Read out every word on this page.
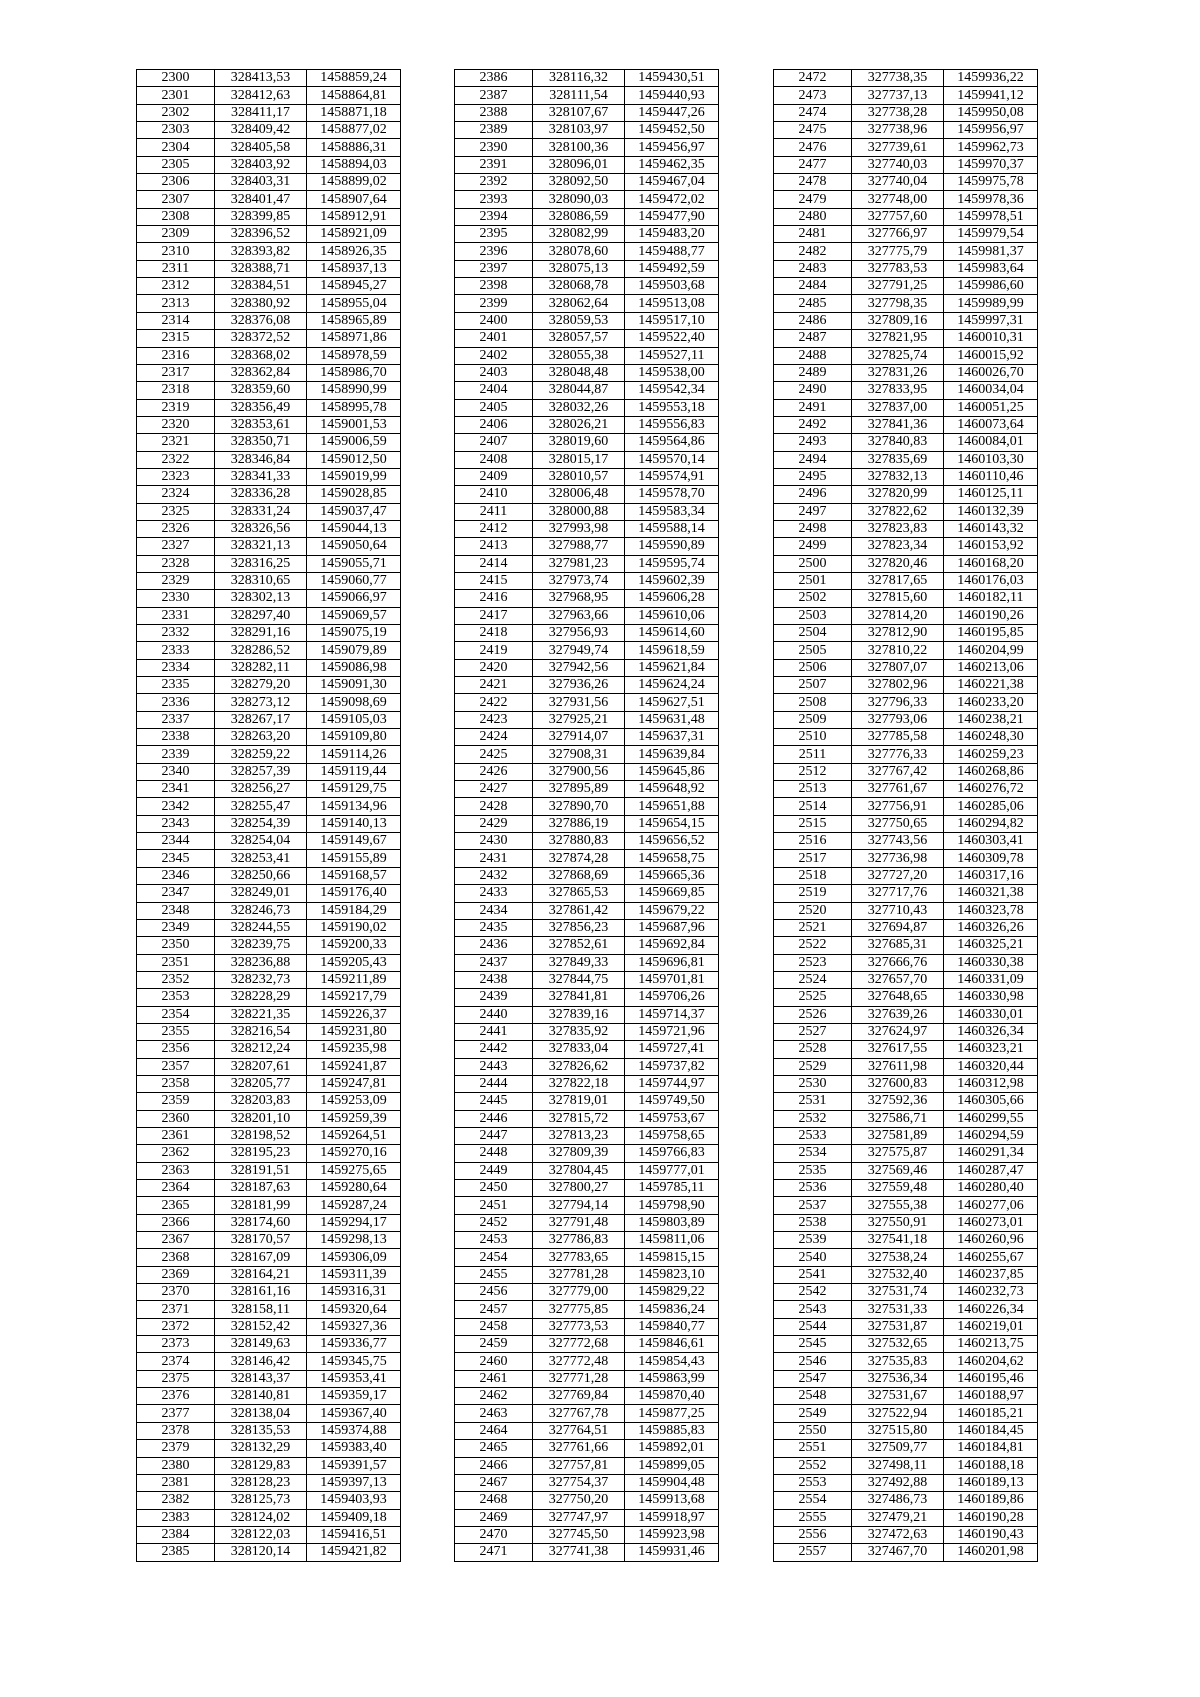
2300	328413,53	1458859,24
2301	328412,63	1458864,81
2302	328411,17	1458871,18
2303	328409,42	1458877,02
2304	328405,58	1458886,31
2305	328403,92	1458894,03
2306	328403,31	1458899,02
2307	328401,47	1458907,64
2308	328399,85	1458912,91
2309	328396,52	1458921,09
2310	328393,82	1458926,35
2311	328388,71	1458937,13
2312	328384,51	1458945,27
2313	328380,92	1458955,04
2314	328376,08	1458965,89
2315	328372,52	1458971,86
2316	328368,02	1458978,59
2317	328362,84	1458986,70
2318	328359,60	1458990,99
2319	328356,49	1458995,78
2320	328353,61	1459001,53
2321	328350,71	1459006,59
2322	328346,84	1459012,50
2323	328341,33	1459019,99
2324	328336,28	1459028,85
2325	328331,24	1459037,47
2326	328326,56	1459044,13
2327	328321,13	1459050,64
2328	328316,25	1459055,71
2329	328310,65	1459060,77
2330	328302,13	1459066,97
2331	328297,40	1459069,57
2332	328291,16	1459075,19
2333	328286,52	1459079,89
2334	328282,11	1459086,98
2335	328279,20	1459091,30
2336	328273,12	1459098,69
2337	328267,17	1459105,03
2338	328263,20	1459109,80
2339	328259,22	1459114,26
2340	328257,39	1459119,44
2341	328256,27	1459129,75
2342	328255,47	1459134,96
2343	328254,39	1459140,13
2344	328254,04	1459149,67
2345	328253,41	1459155,89
2346	328250,66	1459168,57
2347	328249,01	1459176,40
2348	328246,73	1459184,29
2349	328244,55	1459190,02
2350	328239,75	1459200,33
2351	328236,88	1459205,43
2352	328232,73	1459211,89
2353	328228,29	1459217,79
2354	328221,35	1459226,37
2355	328216,54	1459231,80
2356	328212,24	1459235,98
2357	328207,61	1459241,87
2358	328205,77	1459247,81
2359	328203,83	1459253,09
2360	328201,10	1459259,39
2361	328198,52	1459264,51
2362	328195,23	1459270,16
2363	328191,51	1459275,65
2364	328187,63	1459280,64
2365	328181,99	1459287,24
2366	328174,60	1459294,17
2367	328170,57	1459298,13
2368	328167,09	1459306,09
2369	328164,21	1459311,39
2370	328161,16	1459316,31
2371	328158,11	1459320,64
2372	328152,42	1459327,36
2373	328149,63	1459336,77
2374	328146,42	1459345,75
2375	328143,37	1459353,41
2376	328140,81	1459359,17
2377	328138,04	1459367,40
2378	328135,53	1459374,88
2379	328132,29	1459383,40
2380	328129,83	1459391,57
2381	328128,23	1459397,13
2382	328125,73	1459403,93
2383	328124,02	1459409,18
2384	328122,03	1459416,51
2385	328120,14	1459421,82
2386	328116,32	1459430,51
2387	328111,54	1459440,93
2388	328107,67	1459447,26
2389	328103,97	1459452,50
2390	328100,36	1459456,97
2391	328096,01	1459462,35
2392	328092,50	1459467,04
2393	328090,03	1459472,02
2394	328086,59	1459477,90
2395	328082,99	1459483,20
2396	328078,60	1459488,77
2397	328075,13	1459492,59
2398	328068,78	1459503,68
2399	328062,64	1459513,08
2400	328059,53	1459517,10
2401	328057,57	1459522,40
2402	328055,38	1459527,11
2403	328048,48	1459538,00
2404	328044,87	1459542,34
2405	328032,26	1459553,18
2406	328026,21	1459556,83
2407	328019,60	1459564,86
2408	328015,17	1459570,14
2409	328010,57	1459574,91
2410	328006,48	1459578,70
2411	328000,88	1459583,34
2412	327993,98	1459588,14
2413	327988,77	1459590,89
2414	327981,23	1459595,74
2415	327973,74	1459602,39
2416	327968,95	1459606,28
2417	327963,66	1459610,06
2418	327956,93	1459614,60
2419	327949,74	1459618,59
2420	327942,56	1459621,84
2421	327936,26	1459624,24
2422	327931,56	1459627,51
2423	327925,21	1459631,48
2424	327914,07	1459637,31
2425	327908,31	1459639,84
2426	327900,56	1459645,86
2427	327895,89	1459648,92
2428	327890,70	1459651,88
2429	327886,19	1459654,15
2430	327880,83	1459656,52
2431	327874,28	1459658,75
2432	327868,69	1459665,36
2433	327865,53	1459669,85
2434	327861,42	1459679,22
2435	327856,23	1459687,96
2436	327852,61	1459692,84
2437	327849,33	1459696,81
2438	327844,75	1459701,81
2439	327841,81	1459706,26
2440	327839,16	1459714,37
2441	327835,92	1459721,96
2442	327833,04	1459727,41
2443	327826,62	1459737,82
2444	327822,18	1459744,97
2445	327819,01	1459749,50
2446	327815,72	1459753,67
2447	327813,23	1459758,65
2448	327809,39	1459766,83
2449	327804,45	1459777,01
2450	327800,27	1459785,11
2451	327794,14	1459798,90
2452	327791,48	1459803,89
2453	327786,83	1459811,06
2454	327783,65	1459815,15
2455	327781,28	1459823,10
2456	327779,00	1459829,22
2457	327775,85	1459836,24
2458	327773,53	1459840,77
2459	327772,68	1459846,61
2460	327772,48	1459854,43
2461	327771,28	1459863,99
2462	327769,84	1459870,40
2463	327767,78	1459877,25
2464	327764,51	1459885,83
2465	327761,66	1459892,01
2466	327757,81	1459899,05
2467	327754,37	1459904,48
2468	327750,20	1459913,68
2469	327747,97	1459918,97
2470	327745,50	1459923,98
2471	327741,38	1459931,46
2472	327738,35	1459936,22
2473	327737,13	1459941,12
2474	327738,28	1459950,08
2475	327738,96	1459956,97
2476	327739,61	1459962,73
2477	327740,03	1459970,37
2478	327740,04	1459975,78
2479	327748,00	1459978,36
2480	327757,60	1459978,51
2481	327766,97	1459979,54
2482	327775,79	1459981,37
2483	327783,53	1459983,64
2484	327791,25	1459986,60
2485	327798,35	1459989,99
2486	327809,16	1459997,31
2487	327821,95	1460010,31
2488	327825,74	1460015,92
2489	327831,26	1460026,70
2490	327833,95	1460034,04
2491	327837,00	1460051,25
2492	327841,36	1460073,64
2493	327840,83	1460084,01
2494	327835,69	1460103,30
2495	327832,13	1460110,46
2496	327820,99	1460125,11
2497	327822,62	1460132,39
2498	327823,83	1460143,32
2499	327823,34	1460153,92
2500	327820,46	1460168,20
2501	327817,65	1460176,03
2502	327815,60	1460182,11
2503	327814,20	1460190,26
2504	327812,90	1460195,85
2505	327810,22	1460204,99
2506	327807,07	1460213,06
2507	327802,96	1460221,38
2508	327796,33	1460233,20
2509	327793,06	1460238,21
2510	327785,58	1460248,30
2511	327776,33	1460259,23
2512	327767,42	1460268,86
2513	327761,67	1460276,72
2514	327756,91	1460285,06
2515	327750,65	1460294,82
2516	327743,56	1460303,41
2517	327736,98	1460309,78
2518	327727,20	1460317,16
2519	327717,76	1460321,38
2520	327710,43	1460323,78
2521	327694,87	1460326,26
2522	327685,31	1460325,21
2523	327666,76	1460330,38
2524	327657,70	1460331,09
2525	327648,65	1460330,98
2526	327639,26	1460330,01
2527	327624,97	1460326,34
2528	327617,55	1460323,21
2529	327611,98	1460320,44
2530	327600,83	1460312,98
2531	327592,36	1460305,66
2532	327586,71	1460299,55
2533	327581,89	1460294,59
2534	327575,87	1460291,34
2535	327569,46	1460287,47
2536	327559,48	1460280,40
2537	327555,38	1460277,06
2538	327550,91	1460273,01
2539	327541,18	1460260,96
2540	327538,24	1460255,67
2541	327532,40	1460237,85
2542	327531,74	1460232,73
2543	327531,33	1460226,34
2544	327531,87	1460219,01
2545	327532,65	1460213,75
2546	327535,83	1460204,62
2547	327536,34	1460195,46
2548	327531,67	1460188,97
2549	327522,94	1460185,21
2550	327515,80	1460184,45
2551	327509,77	1460184,81
2552	327498,11	1460188,18
2553	327492,88	1460189,13
2554	327486,73	1460189,86
2555	327479,21	1460190,28
2556	327472,63	1460190,43
2557	327467,70	1460201,98
